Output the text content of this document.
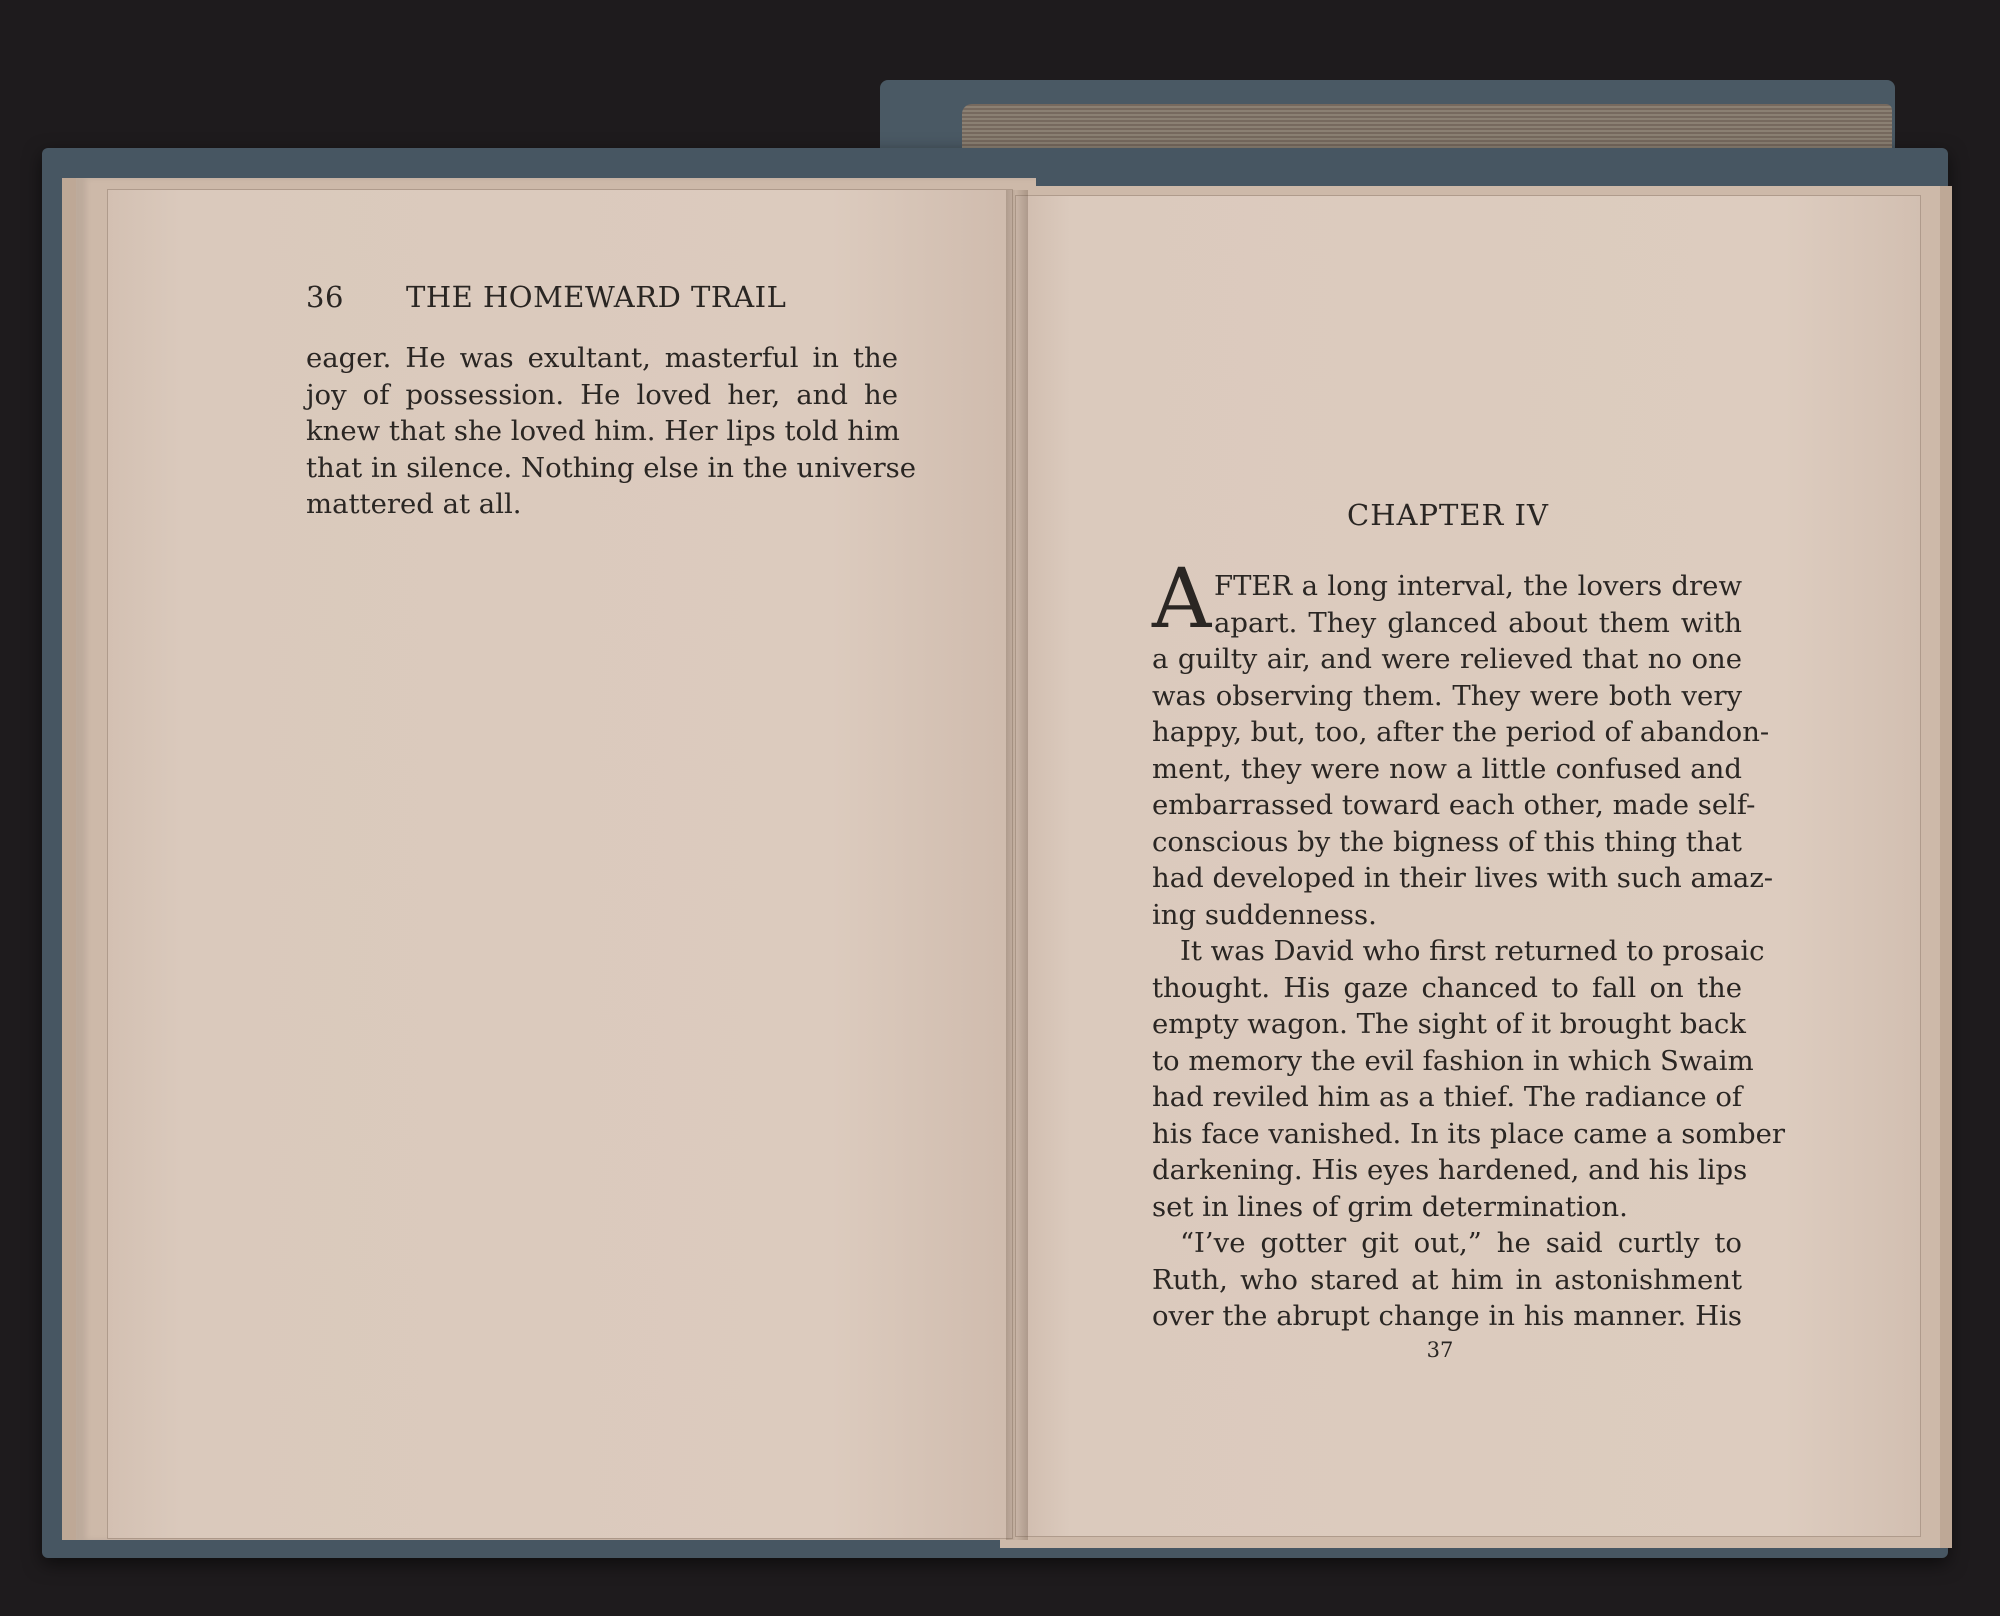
36 THE HOMEWARD TRAIL
eager. He was exultant, masterful in the
joy of possession. He loved her, and he
knew that she loved him. Her lips told him
that in silence. Nothing else in the universe
mattered at all.	CHAPTER IV
A FTER a long interval, the lovers drew
apart. They glanced about them with
a guilty air, and were relieved that no one
was observing them. They were both very
happy, but, too, after the period of abandon-
ment, they were now a little confused and
embarrassed toward each other, made self-
conscious by the bigness of this thing that
had developed in their lives with such amaz-
ing suddenness.
It was David who first returned to prosaic
thought. His gaze chanced to fall on the
empty wagon. The sight of it brought back
to memory the evil fashion in which Swaim
had reviled him as a thief. The radiance of
his face vanished. In its place came a somber
darkening. His eyes hardened, and his lips
set in lines of grim determination.
“I’ve gotter git out,” he said curtly to
Ruth, who stared at him in astonishment
over the abrupt change in his manner. His
37
